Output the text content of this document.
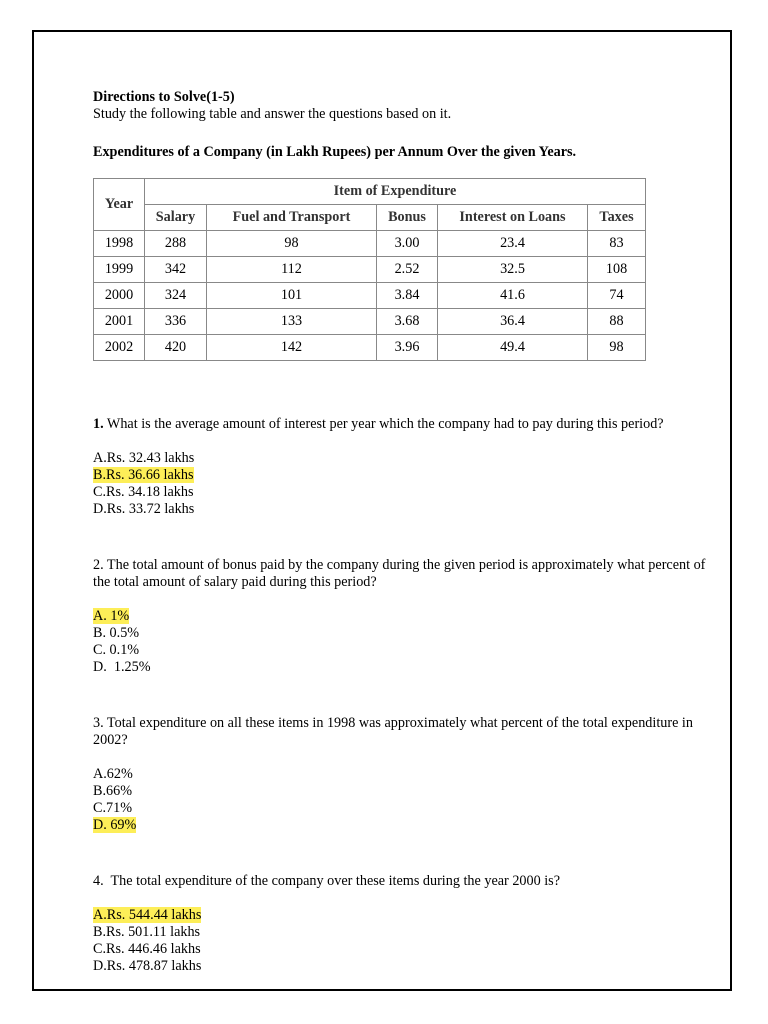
Directions to Solve(1-5)

Study the following table and answer the questions based on it.

Expenditures of a Company (in Lakh Rupees) per Annum Over the given Years.

Year	Item of Expenditure				
	Salary	Fuel and Transport	Bonus	Interest on Loans	Taxes
1998	288	98	3.00	23.4	83
1999	342	112	2.52	32.5	108
2000	324	101	3.84	41.6	74
2001	336	133	3.68	36.4	88
2002	420	142	3.96	49.4	98

1. What is the average amount of interest per year which the company had to pay during this period?

A.Rs. 32.43 lakhs
B.Rs. 36.66 lakhs
C.Rs. 34.18 lakhs
D.Rs. 33.72 lakhs

2. The total amount of bonus paid by the company during the given period is approximately what percent of the total amount of salary paid during this period?

A. 1%
B. 0.5%
C. 0.1%
D.  1.25%

3. Total expenditure on all these items in 1998 was approximately what percent of the total expenditure in 2002?

A.62%
B.66%
C.71%
D. 69%

4.  The total expenditure of the company over these items during the year 2000 is?

A.Rs. 544.44 lakhs
B.Rs. 501.11 lakhs
C.Rs. 446.46 lakhs
D.Rs. 478.87 lakhs
